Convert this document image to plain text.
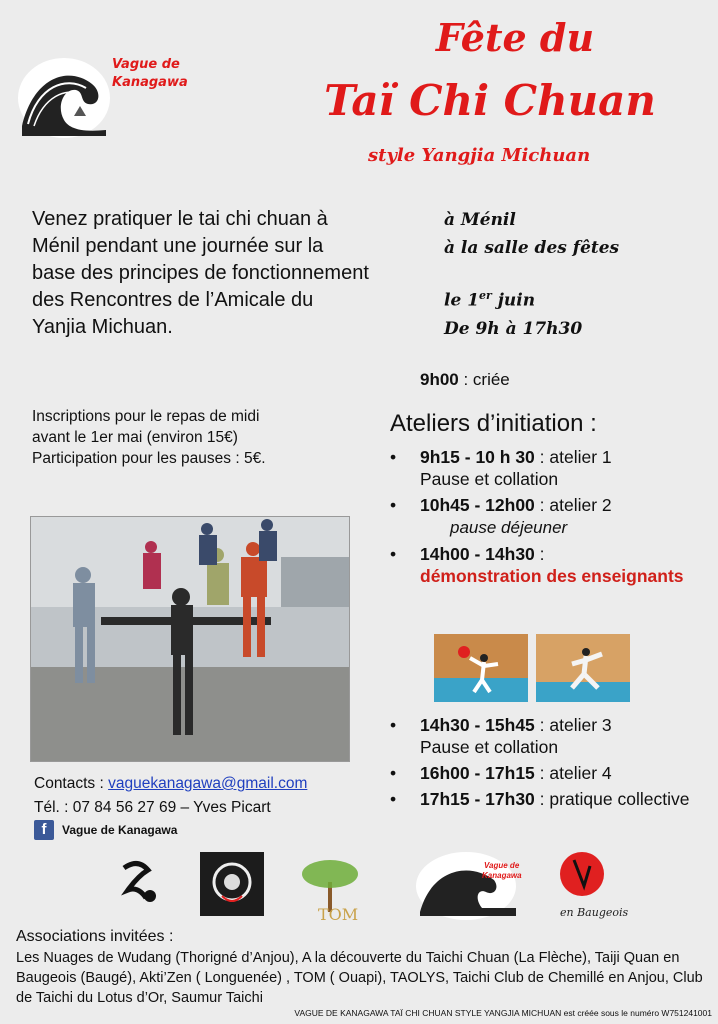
Vague de
Kanagawa
Fête du
Taï Chi Chuan
style Yangjia Michuan
Venez pratiquer le tai chi chuan à Ménil pendant une journée sur la base des principes de fonctionnement des Rencontres de l’Amicale du Yanjia Michuan.
Inscriptions pour le repas de midi
avant le 1er mai (environ 15€)
Participation pour les pauses : 5€.
à Ménil
à la salle des fêtes
le 1er juin
De 9h à 17h30
9h00 : criée
Ateliers d’initiation :
•	9h15 - 10 h 30 : atelier 1
Pause et collation
•	10h45 - 12h00 : atelier 2
pause déjeuner
•	14h00 - 14h30 :
démonstration des enseignants
•	14h30 - 15h45 : atelier 3
Pause et collation
•	16h00 - 17h15 : atelier 4
•	17h15 - 17h30 : pratique collective
Contacts : vaguekanagawa@gmail.com
Tél. : 07 84 56 27 69 – Yves Picart
f	Vague de Kanagawa
TOM
Vague de
Kanagawa
en Baugeois
Associations invitées :
Les Nuages de Wudang (Thorigné d’Anjou), A la découverte du Taichi Chuan (La Flèche), Taiji Quan en Baugeois (Baugé), Akti’Zen ( Longuenée) , TOM ( Ouapi), TAOLYS, Taichi Club de Chemillé en Anjou, Club de Taichi du Lotus d’Or, Saumur Taichi
VAGUE DE KANAGAWA TAÏ CHI CHUAN STYLE YANGJIA MICHUAN est créée sous le numéro W751241001
